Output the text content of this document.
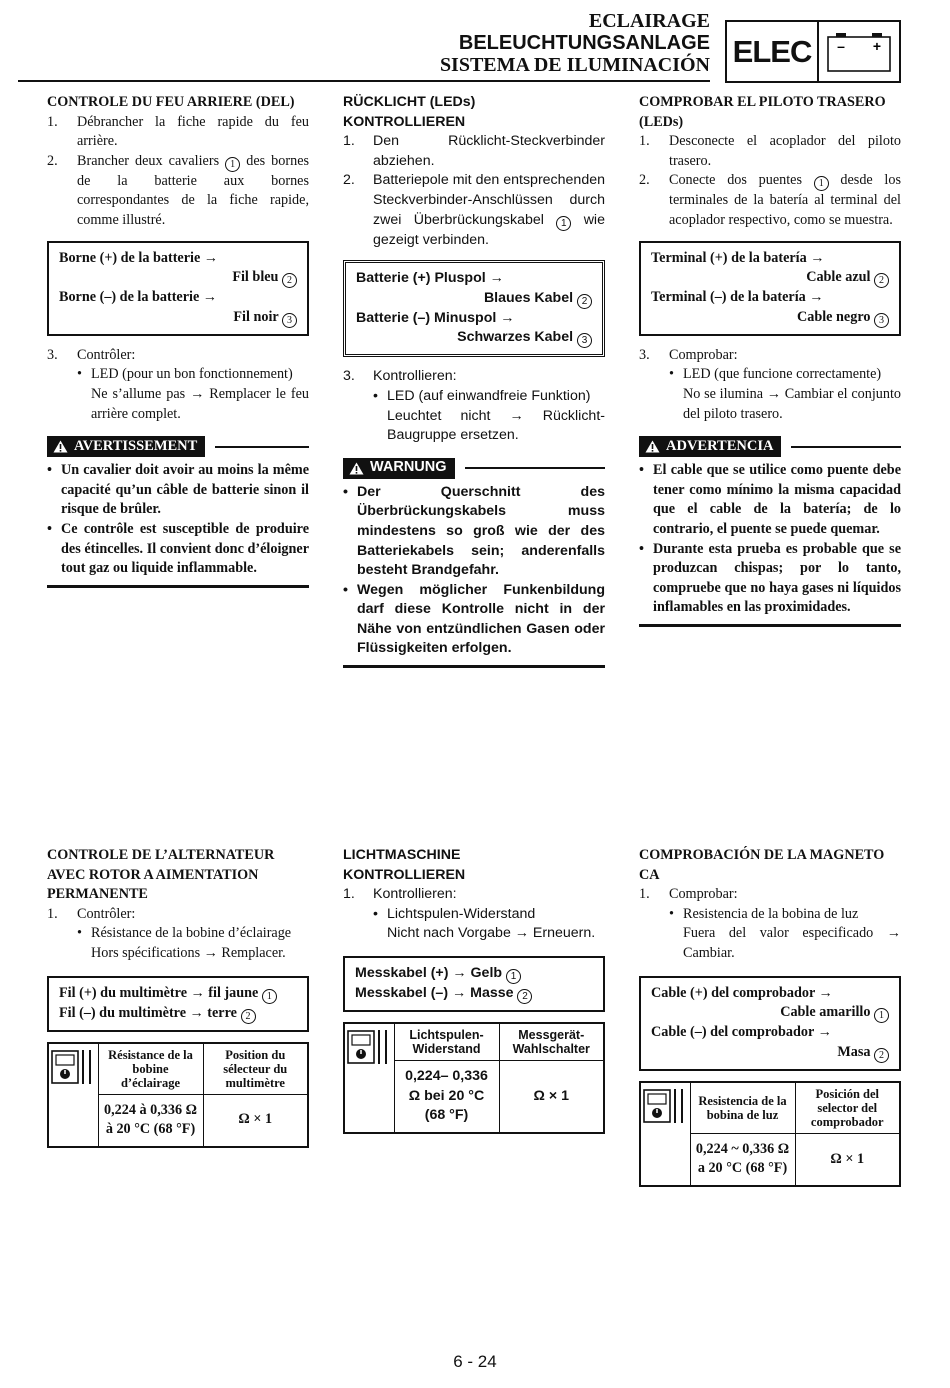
ECLAIRAGE
BELEUCHTUNGSANLAGE
SISTEMA DE ILUMINACIÓN ELEC	– +
CONTROLE DU FEU ARRIERE (DEL)
1.	Débrancher la fiche rapide du feu arrière.
2.	Brancher deux cavaliers 1 des bornes de la batterie aux bornes correspondantes de la fiche rapide, comme illustré.
Borne (+) de la batterie →
Fil bleu 2
Borne (–) de la batterie →
Fil noir 3
3.	Contrôler:
• LED (pour un bon fonctionnement)
Ne s’allume pas → Remplacer le feu arrière complet.
AVERTISSEMENT
• Un cavalier doit avoir au moins la même capacité qu’un câble de batterie sinon il risque de brûler.
• Ce contrôle est susceptible de produire des étincelles. Il convient donc d’éloigner tout gaz ou liquide inflammable.
RÜCKLICHT (LEDs)
KONTROLLIEREN
1.	Den Rücklicht-Steckverbinder abziehen.
2.	Batteriepole mit den entsprechenden Steckverbinder-Anschlüssen durch zwei Überbrückungskabel 1 wie gezeigt verbinden.
Batterie (+) Pluspol →
Blaues Kabel 2
Batterie (–) Minuspol →
Schwarzes Kabel 3
3.	Kontrollieren:
• LED (auf einwandfreie Funktion)
Leuchtet nicht → Rücklicht-Baugruppe ersetzen.
WARNUNG
• Der Querschnitt des Überbrückungskabels muss mindestens so groß wie der des Batteriekabels sein; anderenfalls besteht Brandgefahr.
• Wegen möglicher Funkenbildung darf diese Kontrolle nicht in der Nähe von entzündlichen Gasen oder Flüssigkeiten erfolgen.
COMPROBAR EL PILOTO TRASERO (LEDs)
1.	Desconecte el acoplador del piloto trasero.
2.	Conecte dos puentes 1 desde los terminales de la batería al terminal del acoplador respectivo, como se muestra.
Terminal (+) de la batería →
Cable azul 2
Terminal (–) de la batería →
Cable negro 3
3.	Comprobar:
• LED (que funcione correctamente)
No se ilumina → Cambiar el conjunto del piloto trasero.
ADVERTENCIA
• El cable que se utilice como puente debe tener como mínimo la misma capacidad que el cable de la batería; de lo contrario, el puente se puede quemar.
• Durante esta prueba es probable que se produzcan chispas; por lo tanto, compruebe que no haya gases ni líquidos inflamables en las proximidades.
CONTROLE DE L’ALTERNATEUR AVEC ROTOR A AIMENTATION PERMANENTE
1.	Contrôler:
• Résistance de la bobine d’éclairage
Hors spécifications → Remplacer.
Fil (+) du multimètre → fil jaune 1
Fil (–) du multimètre → terre 2
	Résistance de la bobine d’éclairage	Position du sélecteur du multimètre
	0,224 à 0,336 Ω à 20 °C (68 °F)	Ω × 1
LICHTMASCHINE
KONTROLLIEREN
1.	Kontrollieren:
• Lichtspulen-Widerstand
Nicht nach Vorgabe → Erneuern.
Messkabel (+) → Gelb 1
Messkabel (–) → Masse 2
	Lichtspulen-Widerstand	Messgerät-Wahlschalter
	0,224– 0,336 Ω bei 20 °C (68 °F)	Ω × 1
COMPROBACIÓN DE LA MAGNETO CA
1.	Comprobar:
• Resistencia de la bobina de luz
Fuera del valor especificado → Cambiar.
Cable (+) del comprobador →
Cable amarillo 1
Cable (–) del comprobador →
Masa 2
	Resistencia de la bobina de luz	Posición del selector del comprobador
	0,224 ~ 0,336 Ω a 20 °C (68 °F)	Ω × 1
6 - 24
